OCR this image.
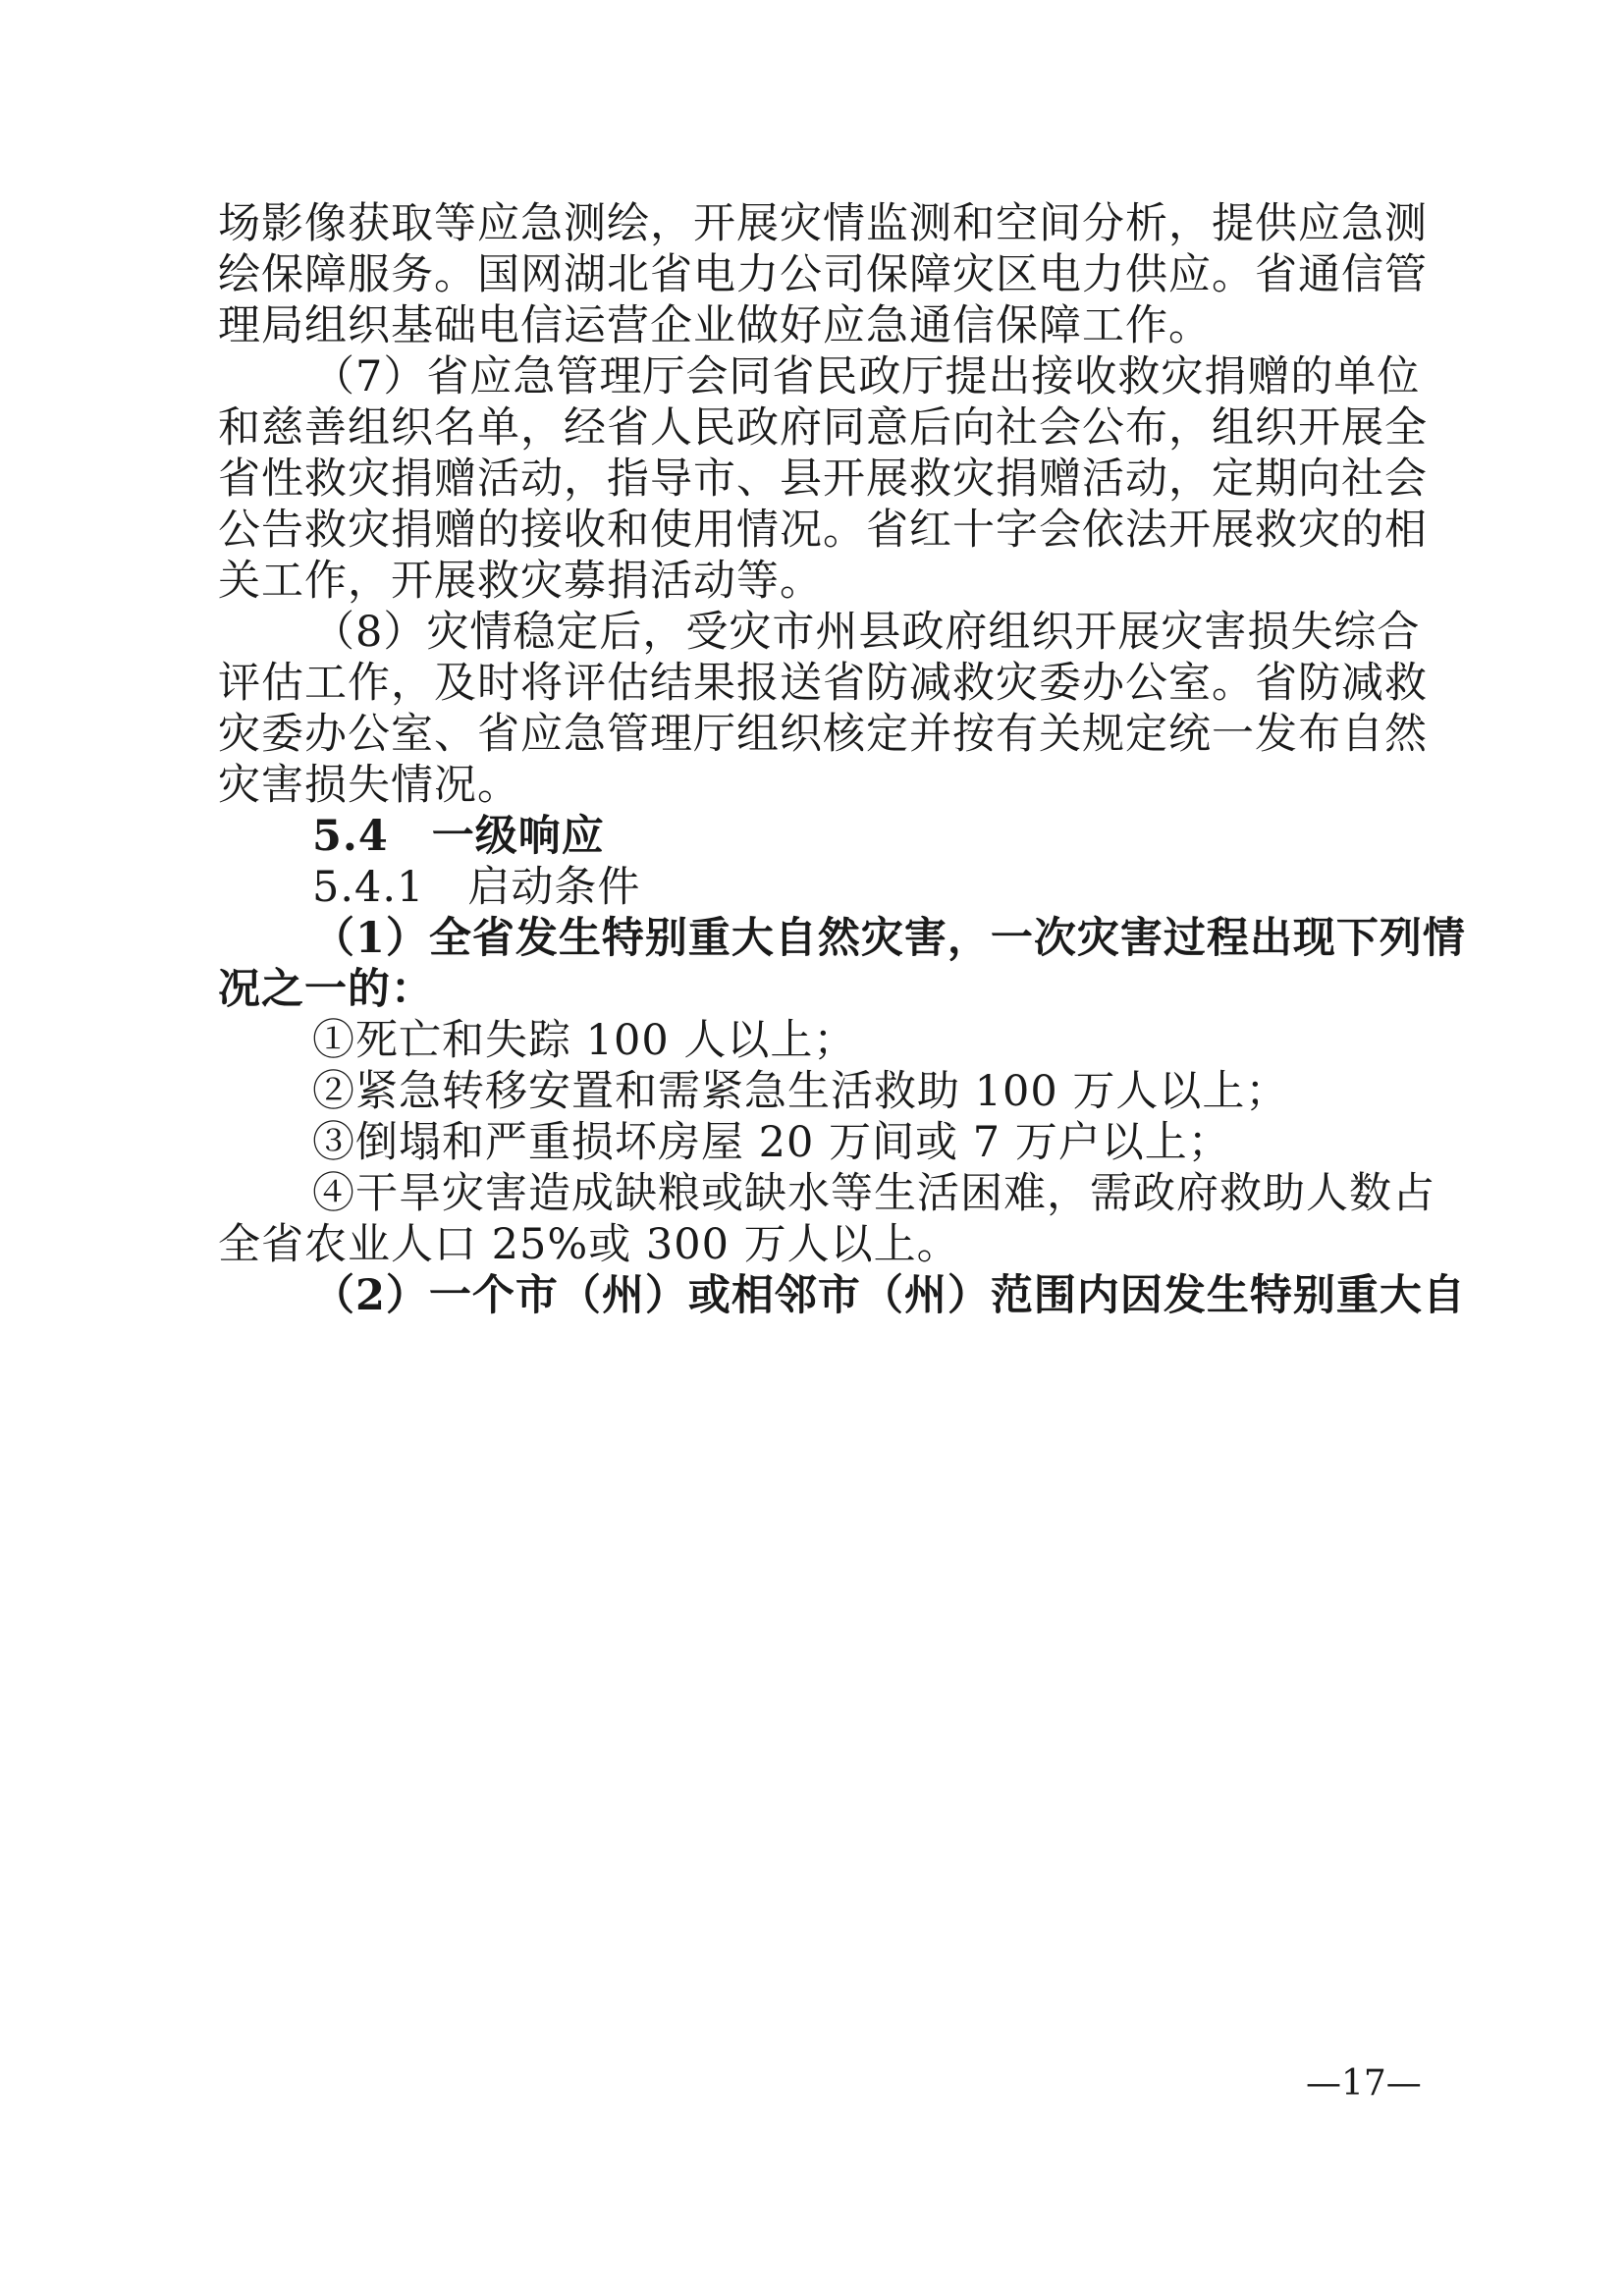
场影像获取等应急测绘，开展灾情监测和空间分析，提供应急测
绘保障服务。国网湖北省电力公司保障灾区电力供应。省通信管
理局组织基础电信运营企业做好应急通信保障工作。
（7）省应急管理厅会同省民政厅提出接收救灾捐赠的单位
和慈善组织名单，经省人民政府同意后向社会公布，组织开展全
省性救灾捐赠活动，指导市、县开展救灾捐赠活动，定期向社会
公告救灾捐赠的接收和使用情况。省红十字会依法开展救灾的相
关工作，开展救灾募捐活动等。
（8）灾情稳定后，受灾市州县政府组织开展灾害损失综合
评估工作，及时将评估结果报送省防减救灾委办公室。省防减救
灾委办公室、省应急管理厅组织核定并按有关规定统一发布自然
灾害损失情况。
5.4　一级响应
5.4.1　启动条件
（1）全省发生特别重大自然灾害，一次灾害过程出现下列情
况之一的：
①死亡和失踪 100 人以上；
②紧急转移安置和需紧急生活救助 100 万人以上；
③倒塌和严重损坏房屋 20 万间或 7 万户以上；
④干旱灾害造成缺粮或缺水等生活困难，需政府救助人数占
全省农业人口 25%或 300 万人以上。
（2）一个市（州）或相邻市（州）范围内因发生特别重大自
—17—
